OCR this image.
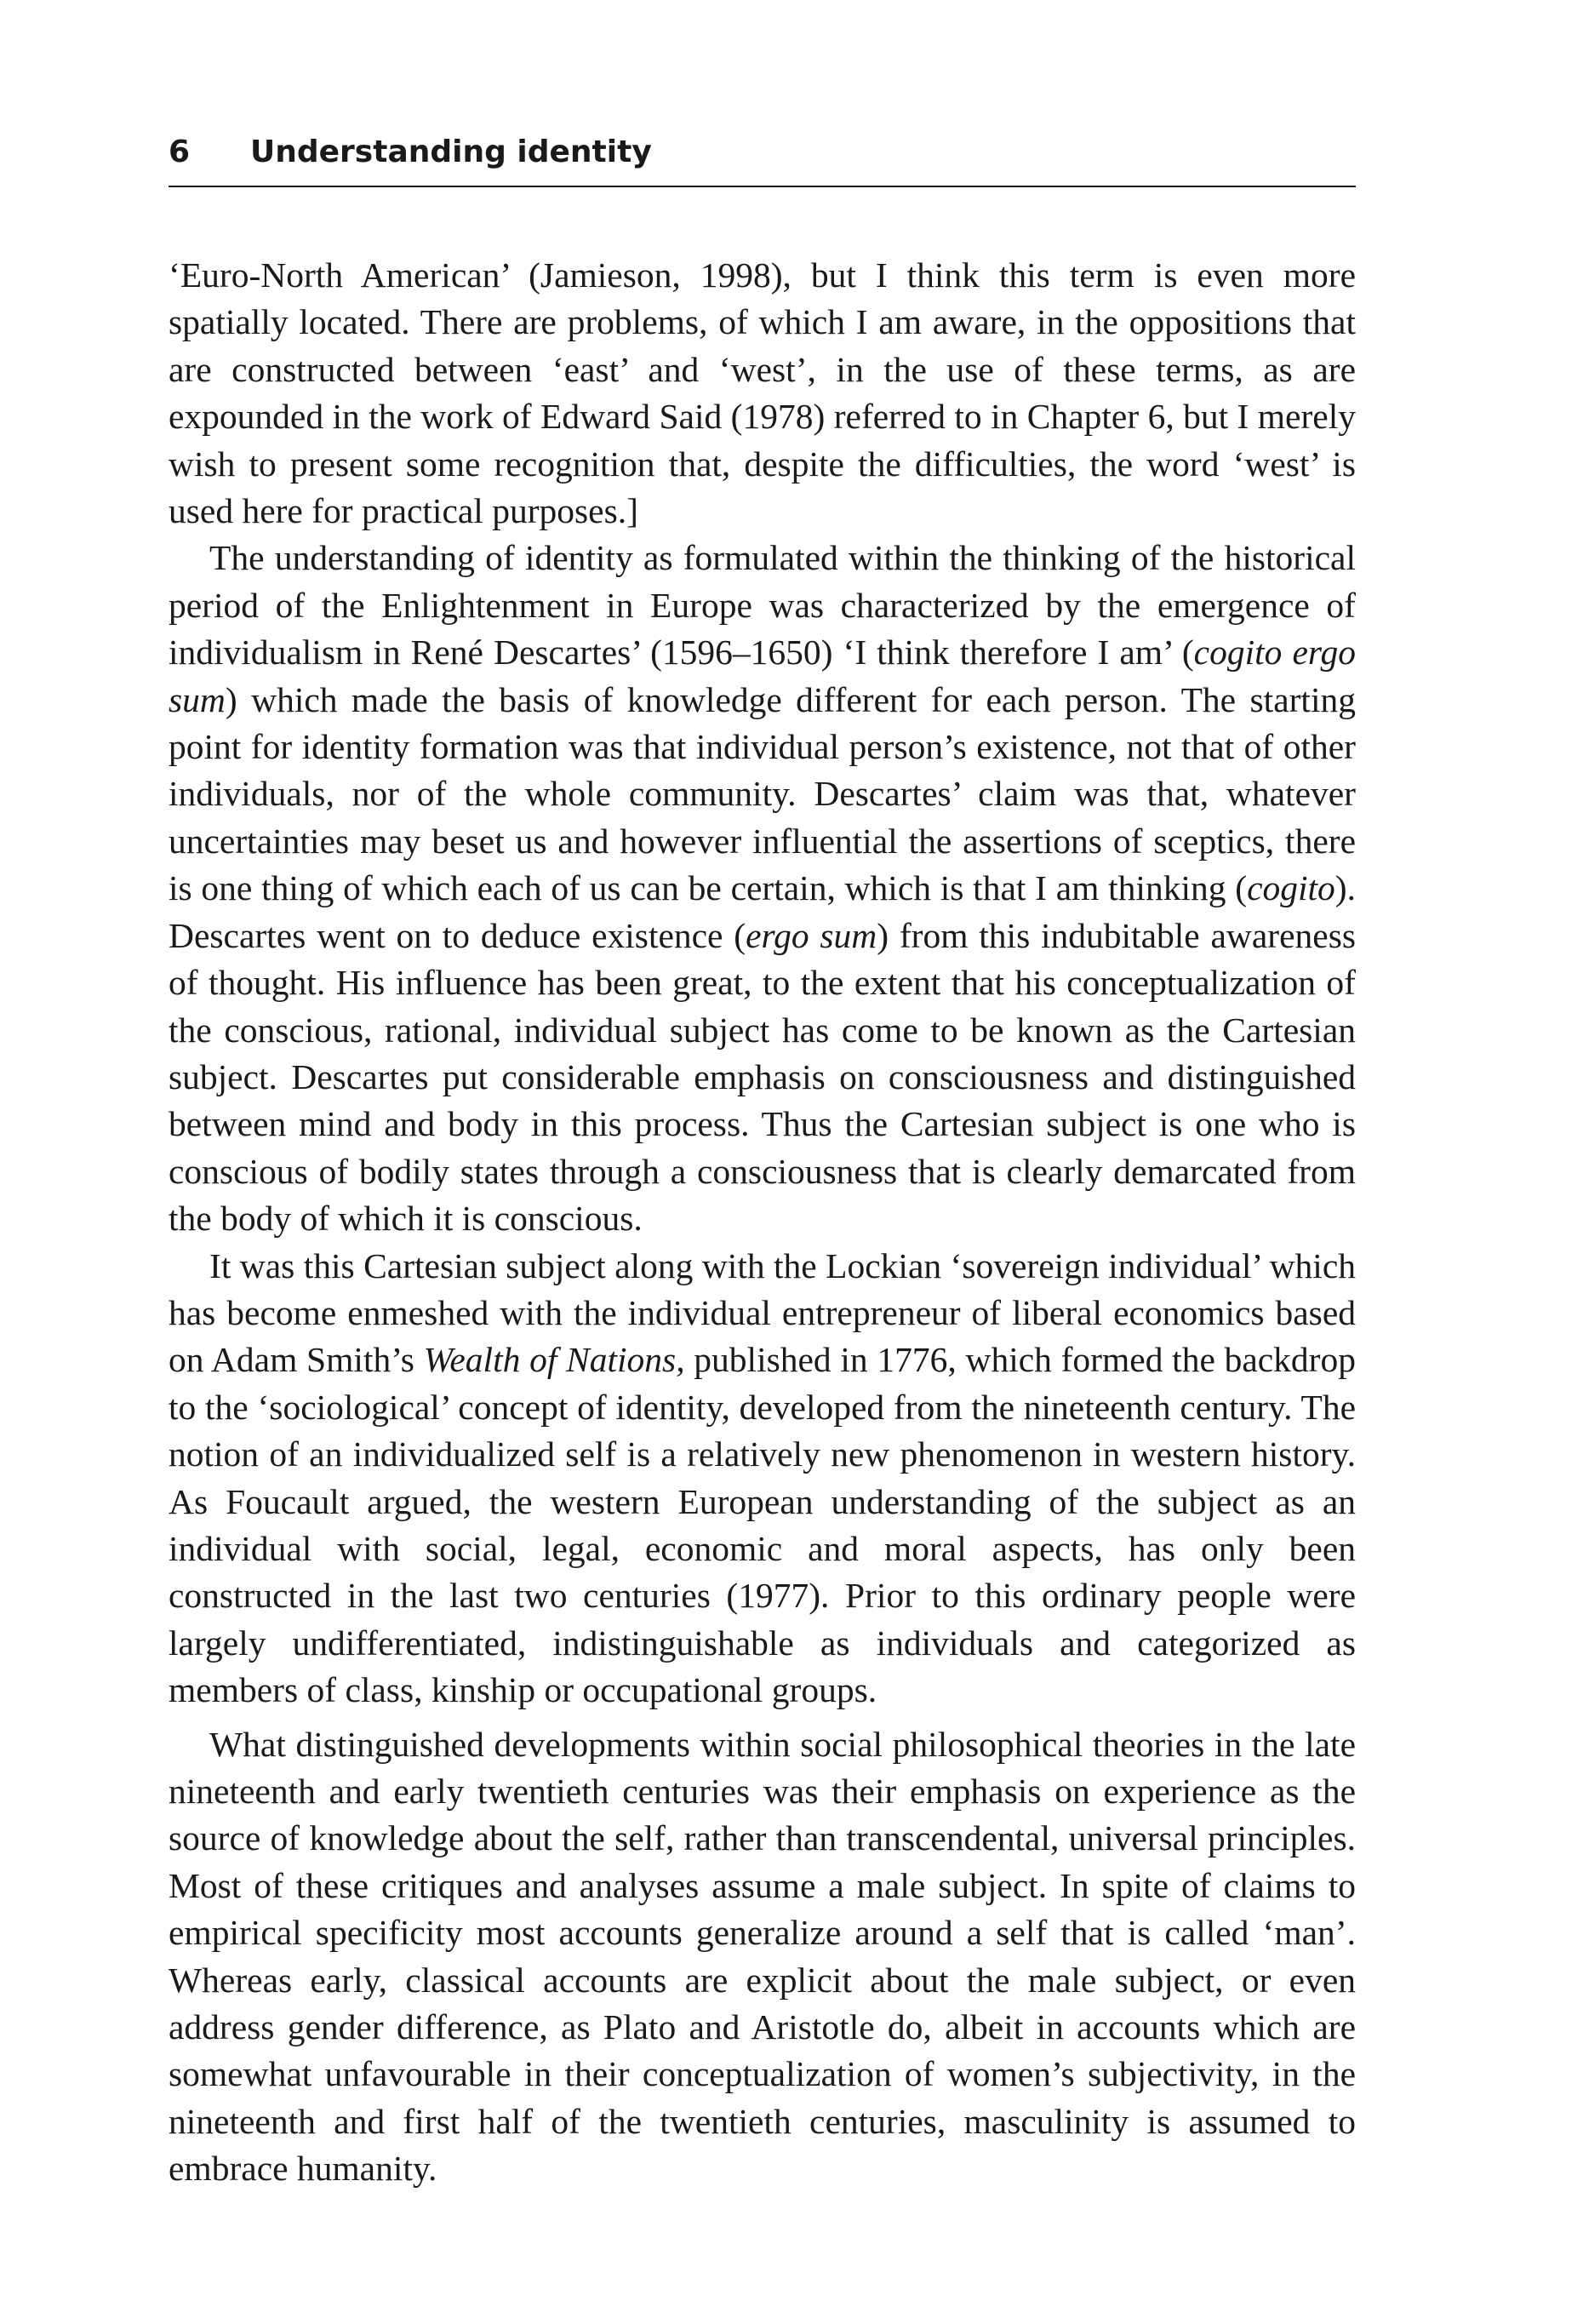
6 Understanding identity

‘Euro-North American’ (Jamieson, 1998), but I think this term is even more spatially located. There are problems, of which I am aware, in the oppositions that are constructed between ‘east’ and ‘west’, in the use of these terms, as are expounded in the work of Edward Said (1978) referred to in Chapter 6, but I merely wish to present some recognition that, despite the difficulties, the word ‘west’ is used here for practical purposes.]

The understanding of identity as formulated within the thinking of the historical period of the Enlightenment in Europe was characterized by the emergence of individualism in René Descartes’ (1596–1650) ‘I think therefore I am’ (cogito ergo sum) which made the basis of knowledge different for each person. The starting point for identity formation was that individual person’s existence, not that of other individuals, nor of the whole community. Descartes’ claim was that, whatever uncertainties may beset us and however influential the assertions of sceptics, there is one thing of which each of us can be certain, which is that I am thinking (cogito). Descartes went on to deduce existence (ergo sum) from this indubitable awareness of thought. His influence has been great, to the extent that his conceptualization of the conscious, rational, individual subject has come to be known as the Cartesian subject. Descartes put considerable emphasis on consciousness and distinguished between mind and body in this process. Thus the Cartesian subject is one who is conscious of bodily states through a consciousness that is clearly demarcated from the body of which it is conscious.

It was this Cartesian subject along with the Lockian ‘sovereign individual’ which has become enmeshed with the individual entrepreneur of liberal economics based on Adam Smith’s Wealth of Nations, published in 1776, which formed the backdrop to the ‘sociological’ concept of identity, developed from the nineteenth century. The notion of an individualized self is a relatively new phenomenon in western history. As Foucault argued, the western European understanding of the subject as an individual with social, legal, economic and moral aspects, has only been constructed in the last two centuries (1977). Prior to this ordinary people were largely undifferentiated, indistinguishable as individuals and categorized as members of class, kinship or occupational groups.

What distinguished developments within social philosophical theories in the late nineteenth and early twentieth centuries was their emphasis on experience as the source of knowledge about the self, rather than transcendental, universal principles. Most of these critiques and analyses assume a male subject. In spite of claims to empirical specificity most accounts generalize around a self that is called ‘man’. Whereas early, classical accounts are explicit about the male subject, or even address gender difference, as Plato and Aristotle do, albeit in accounts which are somewhat unfavourable in their conceptualization of women’s subjectivity, in the nineteenth and first half of the twentieth centuries, masculinity is assumed to embrace humanity.
